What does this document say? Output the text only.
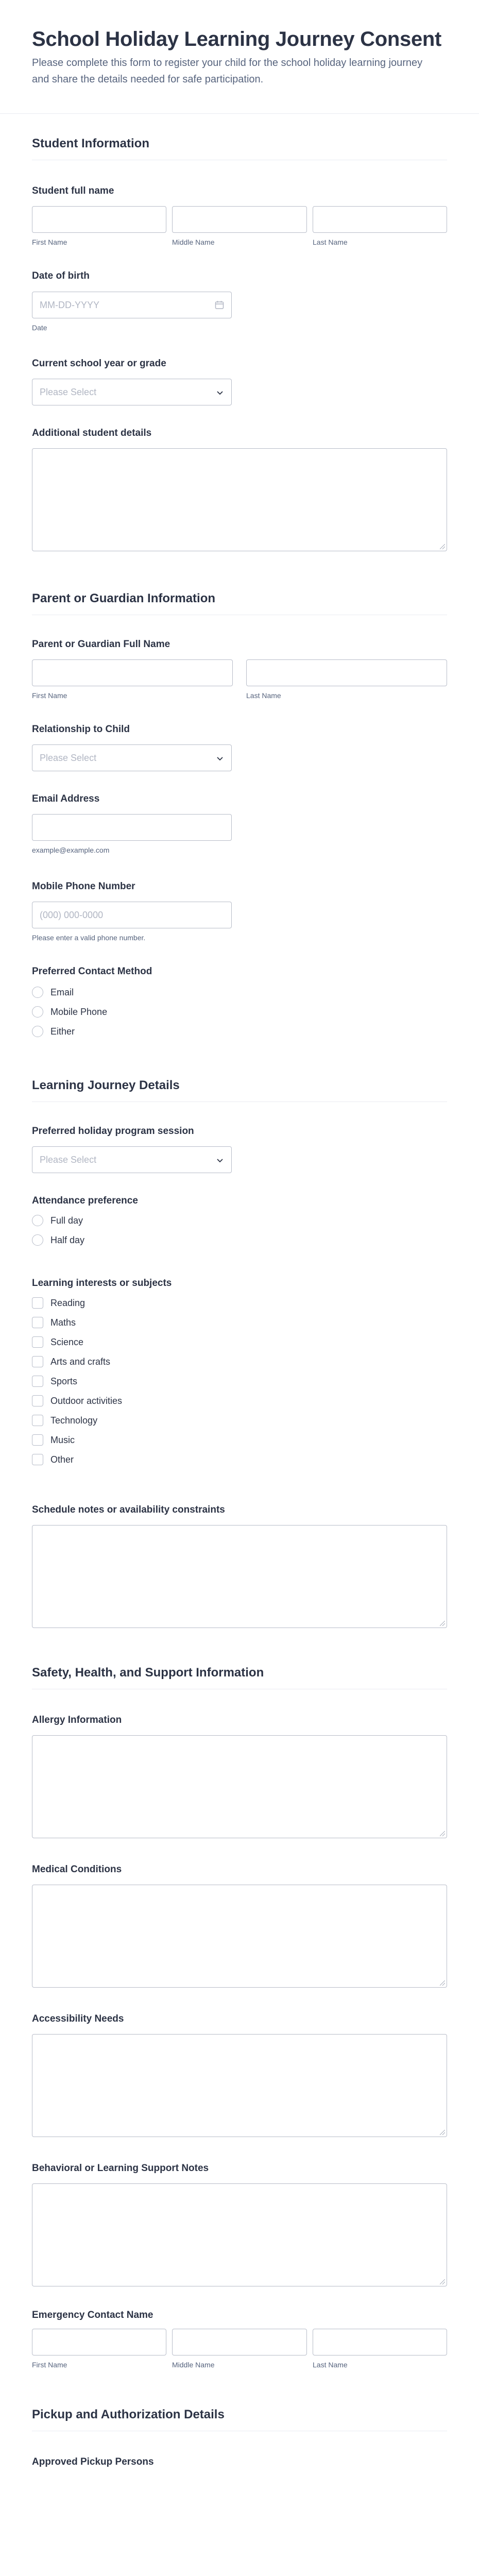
School Holiday Learning Journey Consent
Please complete this form to register your child for the school holiday learning journey and share the details needed for safe participation.
Student Information
Student full name
First Name	Middle Name	Last Name
Date of birth
MM-DD-YYYY
Date
Current school year or grade
Please Select
Additional student details
Parent or Guardian Information
Parent or Guardian Full Name
First Name	Last Name
Relationship to Child
Please Select
Email Address
example@example.com
Mobile Phone Number
(000) 000-0000
Please enter a valid phone number.
Preferred Contact Method
Email
Mobile Phone
Either
Learning Journey Details
Preferred holiday program session
Please Select
Attendance preference
Full day
Half day
Learning interests or subjects
Reading
Maths
Science
Arts and crafts
Sports
Outdoor activities
Technology
Music
Other
Schedule notes or availability constraints
Safety, Health, and Support Information
Allergy Information
Medical Conditions
Accessibility Needs
Behavioral or Learning Support Notes
Emergency Contact Name
First Name	Middle Name	Last Name
Pickup and Authorization Details
Approved Pickup Persons
